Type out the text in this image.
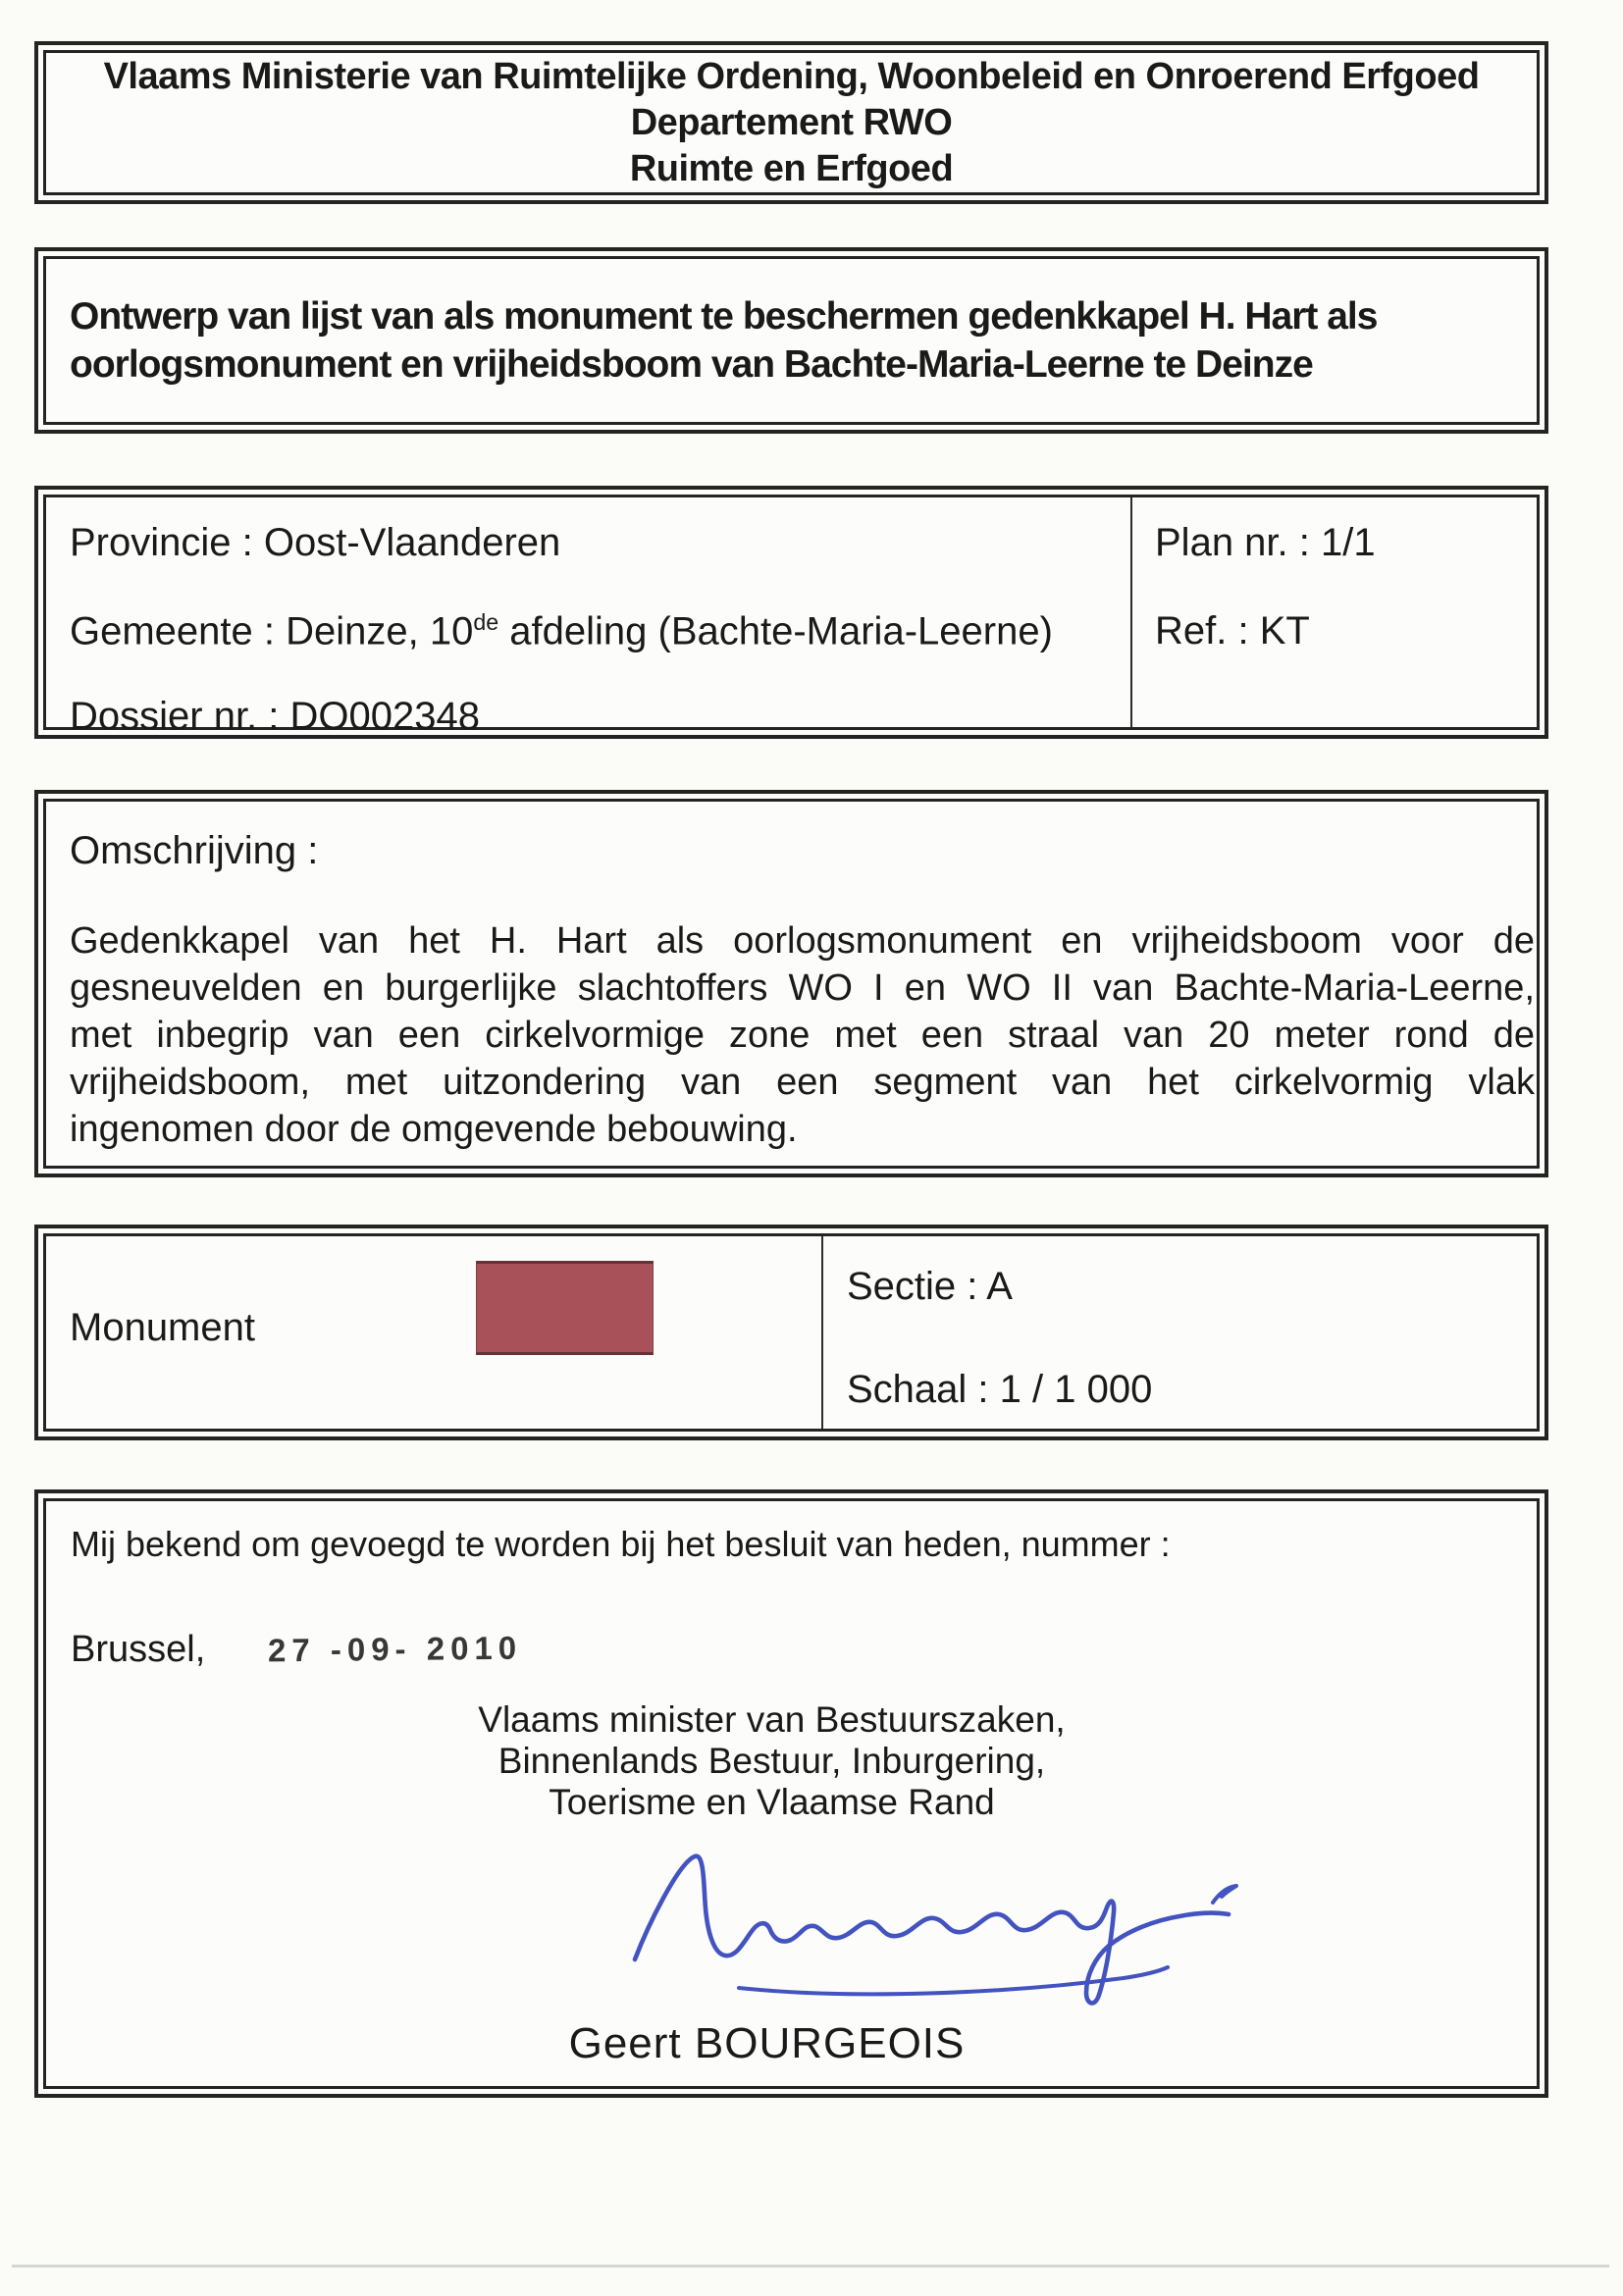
Vlaams Ministerie van Ruimtelijke Ordening, Woonbeleid en Onroerend Erfgoed
Departement RWO
Ruimte en Erfgoed
Ontwerp van lijst van als monument te beschermen gedenkkapel H. Hart als
oorlogsmonument en vrijheidsboom van Bachte-Maria-Leerne te Deinze
Provincie : Oost-Vlaanderen
Gemeente : Deinze, 10de afdeling (Bachte-Maria-Leerne)
Dossier nr. : DO002348
Plan nr. : 1/1
Ref. : KT
Omschrijving :
Gedenkkapel van het H. Hart als oorlogsmonument en vrijheidsboom voor de
gesneuvelden en burgerlijke slachtoffers WO I en WO II van Bachte-Maria-Leerne,
met inbegrip van een cirkelvormige zone met een straal van 20 meter rond de
vrijheidsboom, met uitzondering van een segment van het cirkelvormig vlak
ingenomen door de omgevende bebouwing.
Monument
Sectie : A
Schaal : 1 / 1 000
Mij bekend om gevoegd te worden bij het besluit van heden, nummer :
Brussel, 27 -09- 2010
Vlaams minister van Bestuurszaken,
Binnenlands Bestuur, Inburgering,
Toerisme en Vlaamse Rand
Geert BOURGEOIS
